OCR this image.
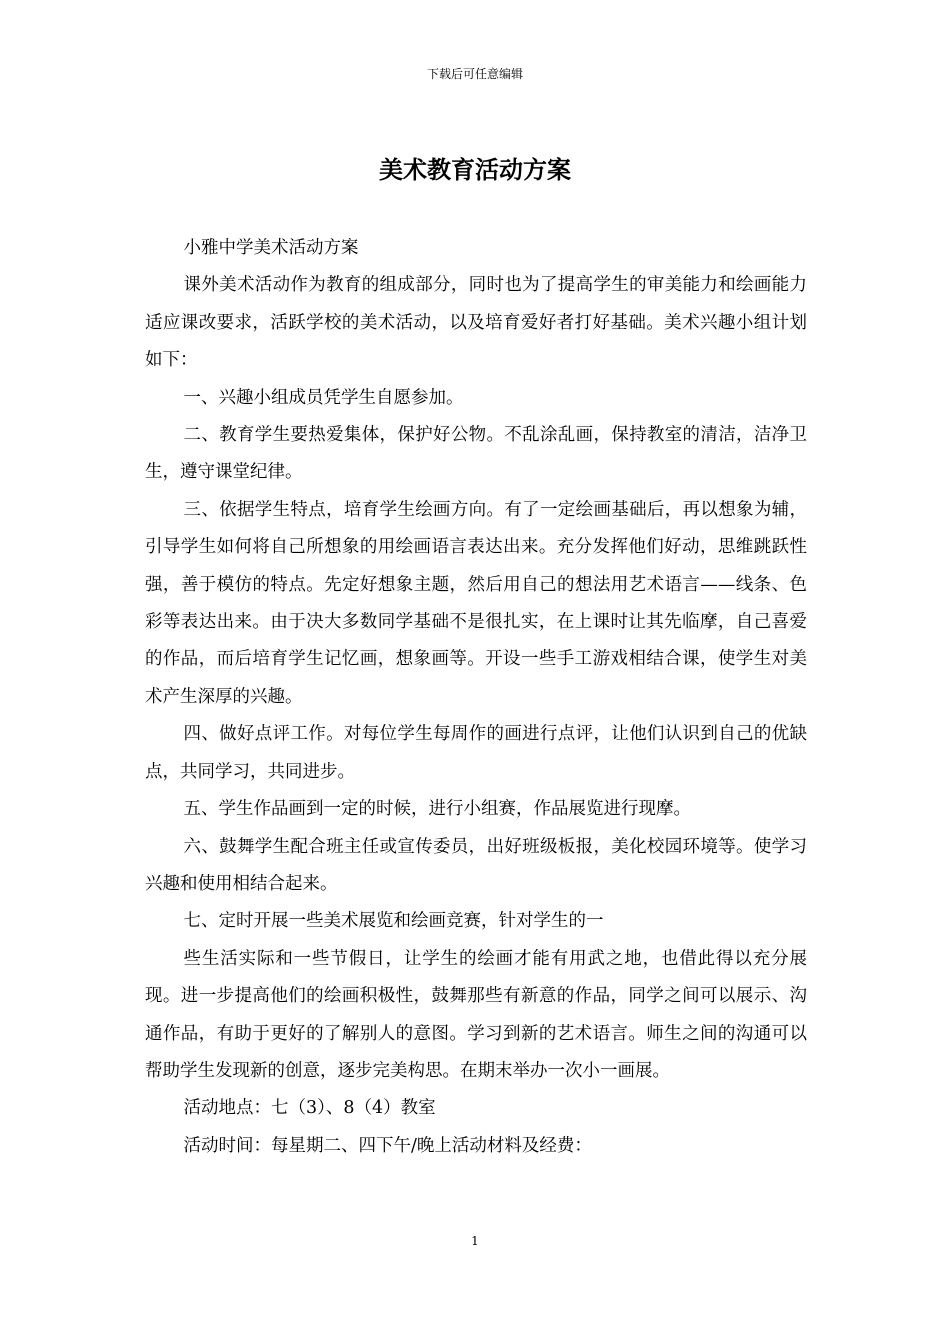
下载后可任意编辑
美术教育活动方案

小雅中学美术活动方案

课外美术活动作为教育的组成部分，同时也为了提高学生的审美能力和绘画能力适应课改要求，活跃学校的美术活动，以及培育爱好者打好基础。美术兴趣小组计划如下：

一、兴趣小组成员凭学生自愿参加。

二、教育学生要热爱集体，保护好公物。不乱涂乱画，保持教室的清洁，洁净卫生，遵守课堂纪律。

三、依据学生特点，培育学生绘画方向。有了一定绘画基础后，再以想象为辅，引导学生如何将自己所想象的用绘画语言表达出来。充分发挥他们好动，思维跳跃性强，善于模仿的特点。先定好想象主题，然后用自己的想法用艺术语言——线条、色彩等表达出来。由于决大多数同学基础不是很扎实，在上课时让其先临摩，自己喜爱的作品，而后培育学生记忆画，想象画等。开设一些手工游戏相结合课，使学生对美术产生深厚的兴趣。

四、做好点评工作。对每位学生每周作的画进行点评，让他们认识到自己的优缺点，共同学习，共同进步。

五、学生作品画到一定的时候，进行小组赛，作品展览进行现摩。

六、鼓舞学生配合班主任或宣传委员，出好班级板报，美化校园环境等。使学习兴趣和使用相结合起来。

七、定时开展一些美术展览和绘画竞赛，针对学生的一

些生活实际和一些节假日，让学生的绘画才能有用武之地，也借此得以充分展现。进一步提高他们的绘画积极性，鼓舞那些有新意的作品，同学之间可以展示、沟通作品，有助于更好的了解别人的意图。学习到新的艺术语言。师生之间的沟通可以帮助学生发现新的创意，逐步完美构思。在期末举办一次小一画展。

活动地点：七（3）、8（4）教室

活动时间：每星期二、四下午/晚上活动材料及经费：

1
